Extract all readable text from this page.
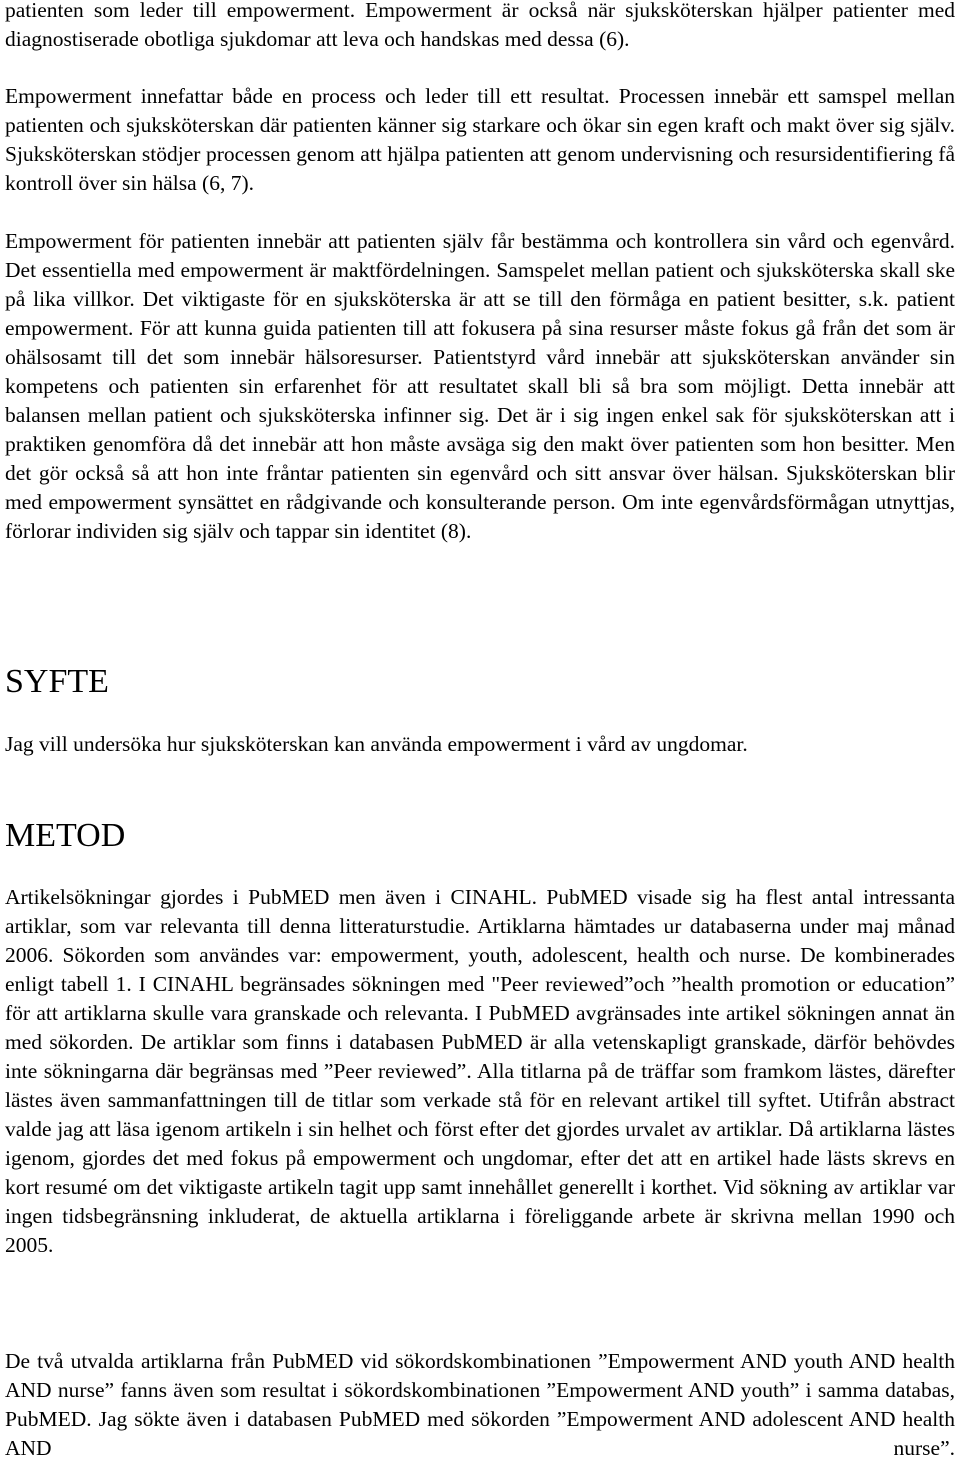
patienten som leder till empowerment. Empowerment är också när sjuksköterskan hjälper patienter med diagnostiserade obotliga sjukdomar att leva och handskas med dessa (6).

Empowerment innefattar både en process och leder till ett resultat. Processen innebär ett samspel mellan patienten och sjuksköterskan där patienten känner sig starkare och ökar sin egen kraft och makt över sig själv. Sjuksköterskan stödjer processen genom att hjälpa patienten att genom undervisning och resursidentifiering få kontroll över sin hälsa (6, 7).

Empowerment för patienten innebär att patienten själv får bestämma och kontrollera sin vård och egenvård. Det essentiella med empowerment är maktfördelningen. Samspelet mellan patient och sjuksköterska skall ske på lika villkor. Det viktigaste för en sjuksköterska är att se till den förmåga en patient besitter, s.k. patient empowerment. För att kunna guida patienten till att fokusera på sina resurser måste fokus gå från det som är ohälsosamt till det som innebär hälsoresurser. Patientstyrd vård innebär att sjuksköterskan använder sin kompetens och patienten sin erfarenhet för att resultatet skall bli så bra som möjligt. Detta innebär att balansen mellan patient och sjuksköterska infinner sig. Det är i sig ingen enkel sak för sjuksköterskan att i praktiken genomföra då det innebär att hon måste avsäga sig den makt över patienten som hon besitter. Men det gör också så att hon inte fråntar patienten sin egenvård och sitt ansvar över hälsan. Sjuksköterskan blir med empowerment synsättet en rådgivande och konsulterande person. Om inte egenvårdsförmågan utnyttjas, förlorar individen sig själv och tappar sin identitet (8).

SYFTE

Jag vill undersöka hur sjuksköterskan kan använda empowerment i vård av ungdomar.

METOD

Artikelsökningar gjordes i PubMED men även i CINAHL. PubMED visade sig ha flest antal intressanta artiklar, som var relevanta till denna litteraturstudie. Artiklarna hämtades ur databaserna under maj månad 2006. Sökorden som användes var: empowerment, youth, adolescent, health och nurse. De kombinerades enligt tabell 1. I CINAHL begränsades sökningen med "Peer reviewed”och ”health promotion or education” för att artiklarna skulle vara granskade och relevanta. I PubMED avgränsades inte artikel sökningen annat än med sökorden. De artiklar som finns i databasen PubMED är alla vetenskapligt granskade, därför behövdes inte sökningarna där begränsas med ”Peer reviewed”. Alla titlarna på de träffar som framkom lästes, därefter lästes även sammanfattningen till de titlar som verkade stå för en relevant artikel till syftet. Utifrån abstract valde jag att läsa igenom artikeln i sin helhet och först efter det gjordes urvalet av artiklar. Då artiklarna lästes igenom, gjordes det med fokus på empowerment och ungdomar, efter det att en artikel hade lästs skrevs en kort resumé om det viktigaste artikeln tagit upp samt innehållet generellt i korthet. Vid sökning av artiklar var ingen tidsbegränsning inkluderat, de aktuella artiklarna i föreliggande arbete är skrivna mellan 1990 och 2005.

De två utvalda artiklarna från PubMED vid sökordskombinationen ”Empowerment AND youth AND health AND nurse” fanns även som resultat i sökordskombinationen ”Empowerment AND youth” i samma databas, PubMED. Jag sökte även i databasen PubMED med sökorden ”Empowerment AND adolescent AND health AND nurse”.
